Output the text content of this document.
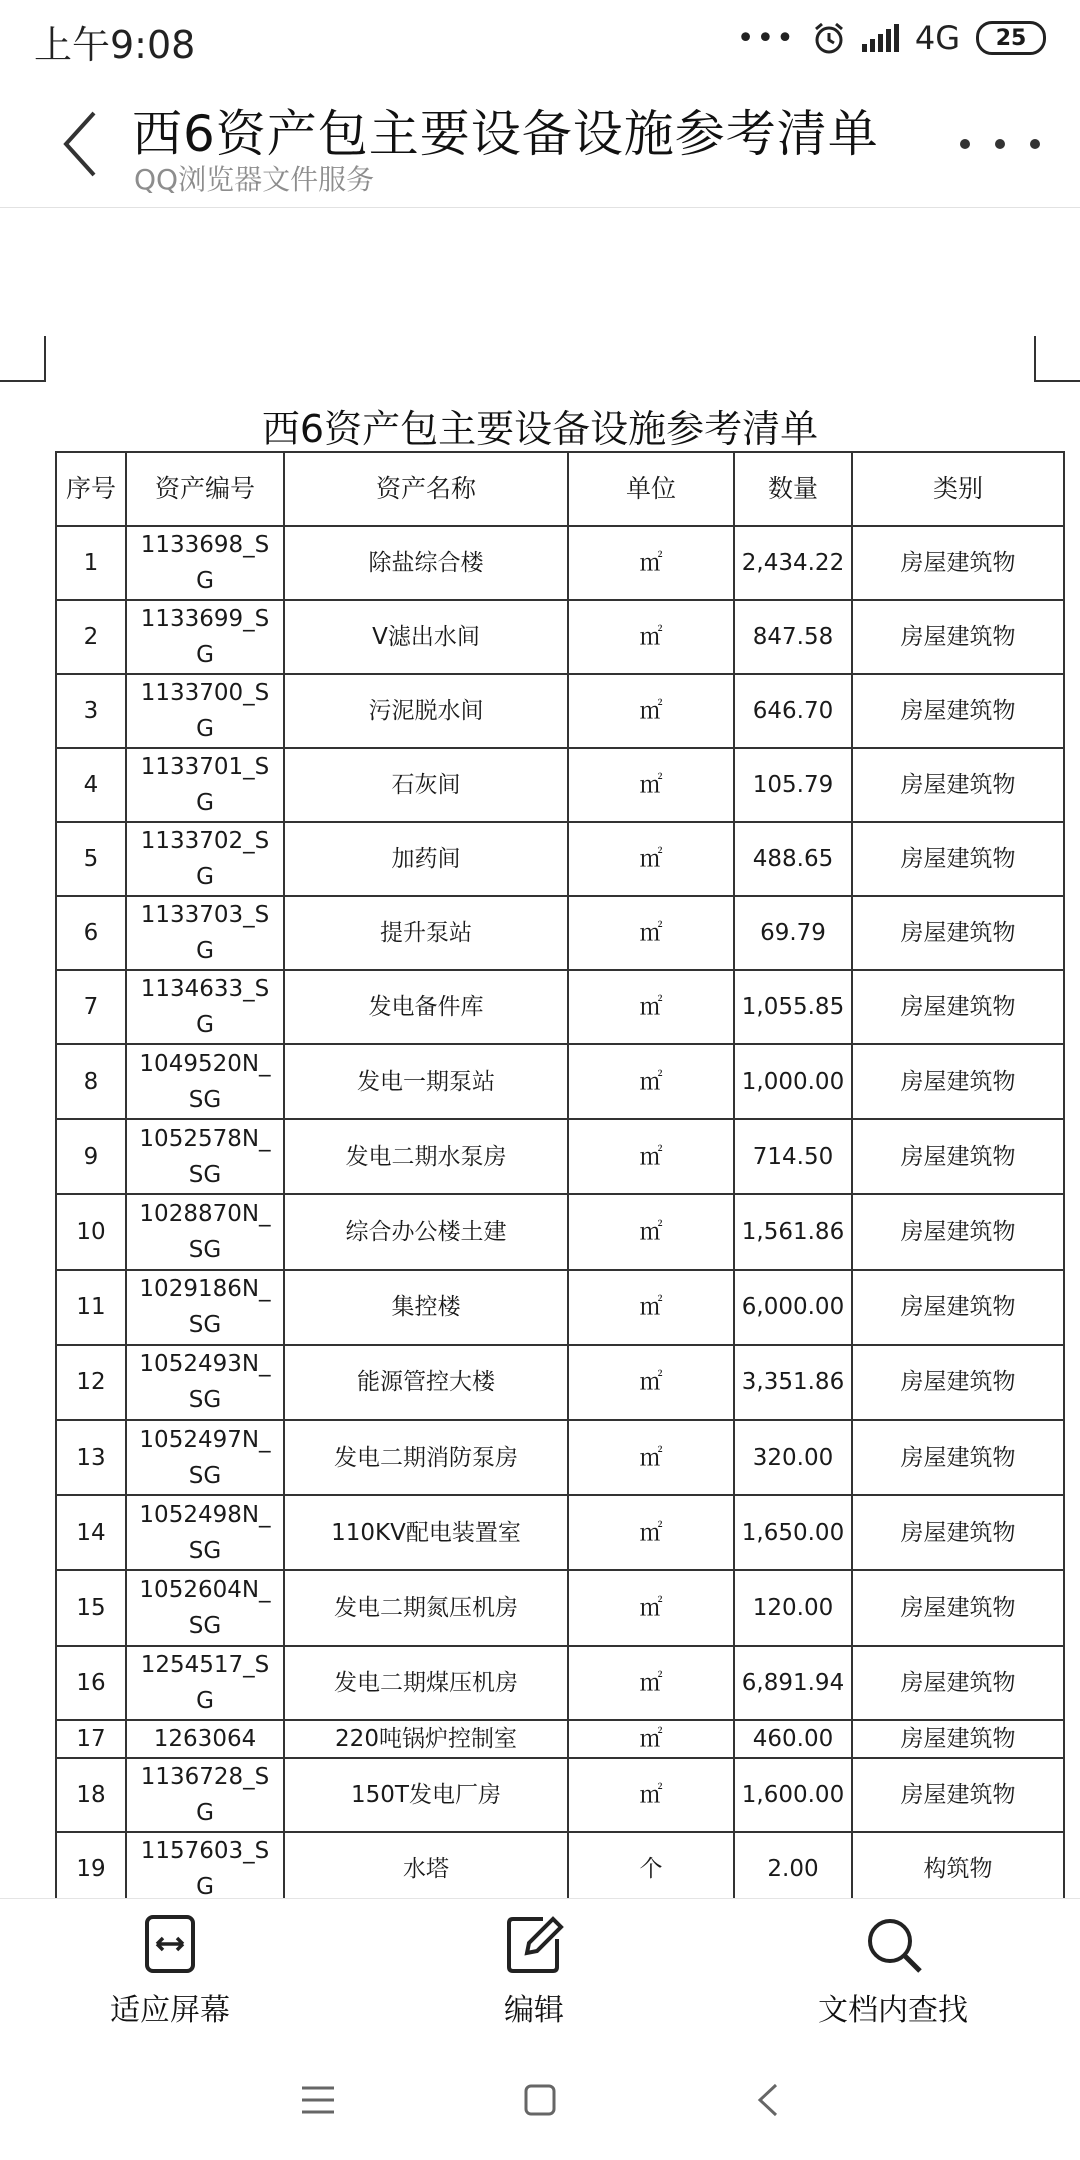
上午9:08	•••	4G 25
西6资产包主要设备设施参考清单
QQ浏览器文件服务
西6资产包主要设备设施参考清单
序号	资产编号	资产名称	单位	数量	类别
1	1133698_SG	除盐综合楼	㎡	2,434.22	房屋建筑物
2	1133699_SG	V滤出水间	㎡	847.58	房屋建筑物
3	1133700_SG	污泥脱水间	㎡	646.70	房屋建筑物
4	1133701_SG	石灰间	㎡	105.79	房屋建筑物
5	1133702_SG	加药间	㎡	488.65	房屋建筑物
6	1133703_SG	提升泵站	㎡	69.79	房屋建筑物
7	1134633_SG	发电备件库	㎡	1,055.85	房屋建筑物
8	1049520N_SG	发电一期泵站	㎡	1,000.00	房屋建筑物
9	1052578N_SG	发电二期水泵房	㎡	714.50	房屋建筑物
10	1028870N_SG	综合办公楼土建	㎡	1,561.86	房屋建筑物
11	1029186N_SG	集控楼	㎡	6,000.00	房屋建筑物
12	1052493N_SG	能源管控大楼	㎡	3,351.86	房屋建筑物
13	1052497N_SG	发电二期消防泵房	㎡	320.00	房屋建筑物
14	1052498N_SG	110KV配电装置室	㎡	1,650.00	房屋建筑物
15	1052604N_SG	发电二期氮压机房	㎡	120.00	房屋建筑物
16	1254517_SG	发电二期煤压机房	㎡	6,891.94	房屋建筑物
17	1263064	220吨锅炉控制室	㎡	460.00	房屋建筑物
18	1136728_SG	150T发电厂房	㎡	1,600.00	房屋建筑物
19	1157603_SG	水塔	个	2.00	构筑物

适应屏幕	编辑	文档内查找
